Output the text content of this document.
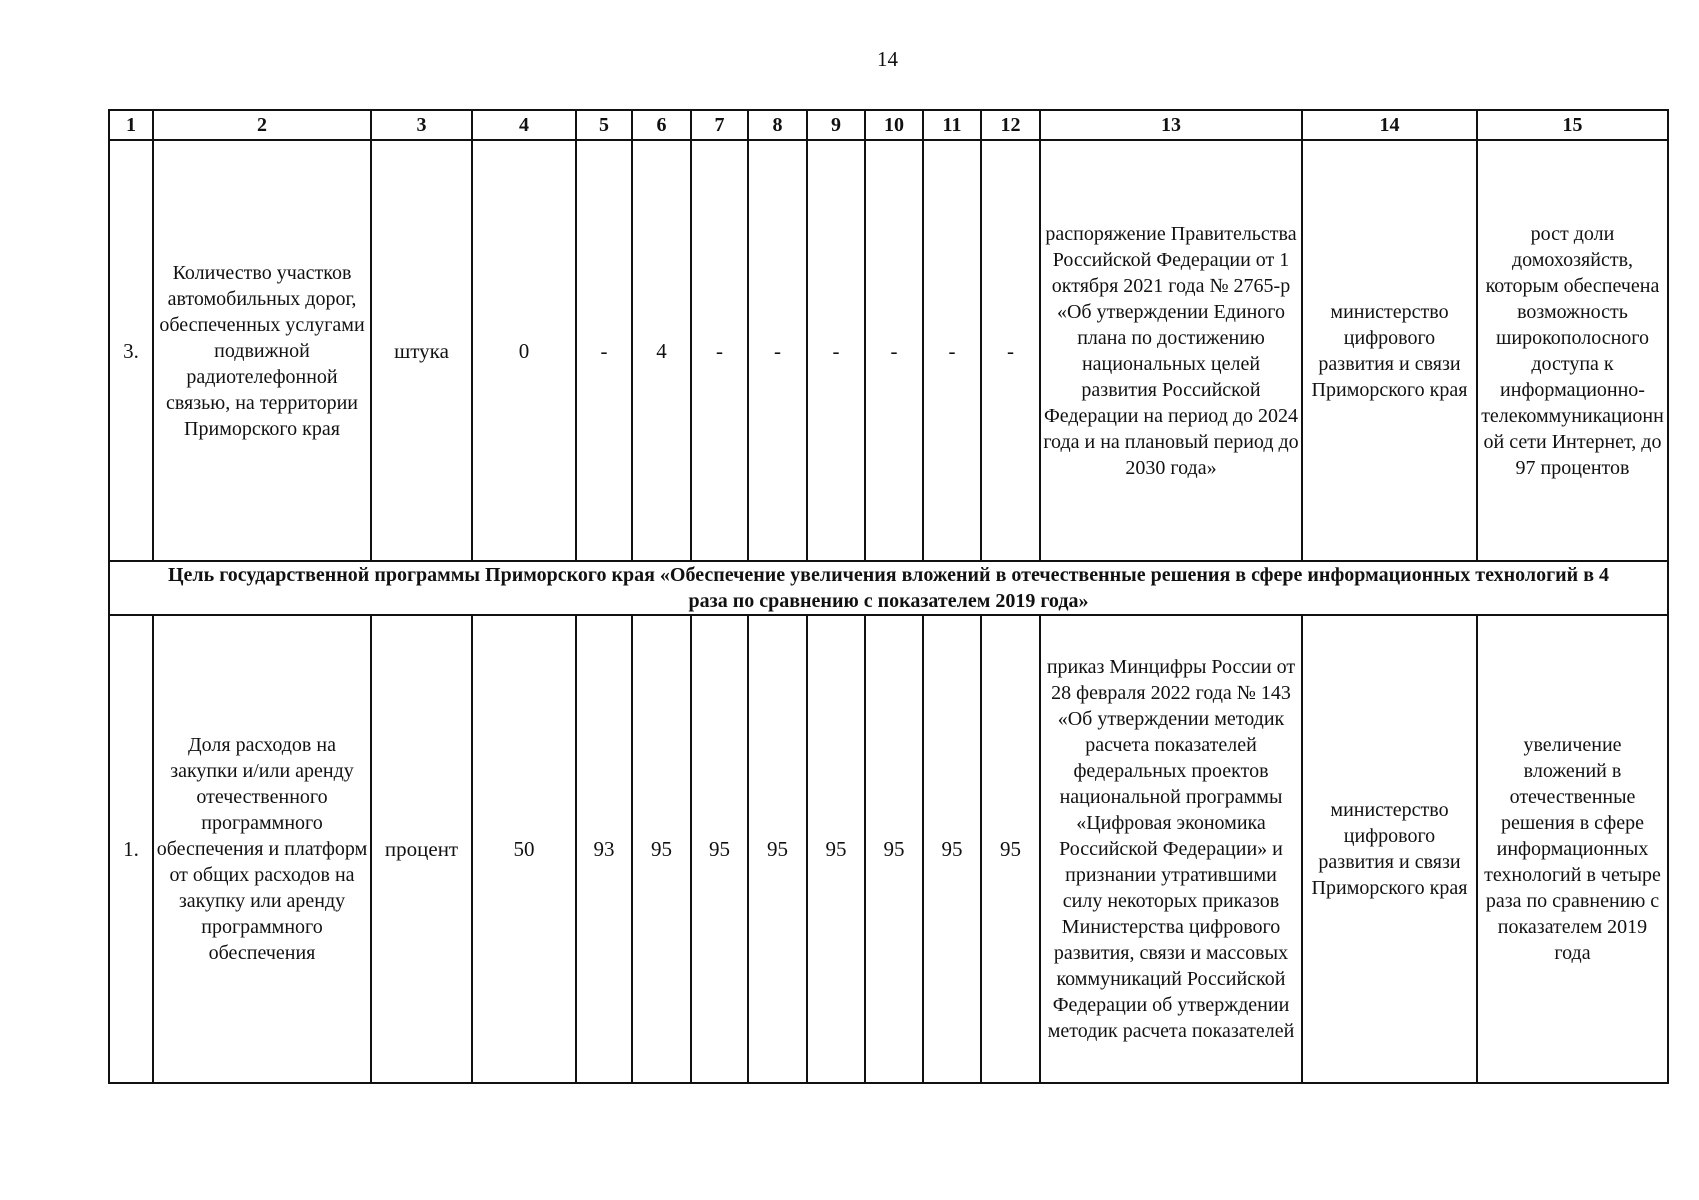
14
1	2	3	4	5	6	7	8	9	10	11	12	13	14	15
3.	Количество участков автомобильных дорог, обеспеченных услугами подвижной радиотелефонной связью, на территории Приморского края	штука	0	-	4	-	-	-	-	-	-	распоряжение Правительства Российской Федерации от 1 октября 2021 года № 2765-р «Об утверждении Единого плана по достижению национальных целей развития Российской Федерации на период до 2024 года и на плановый период до 2030 года»	министерство цифрового развития и связи Приморского края	рост доли домохозяйств, которым обеспечена возможность широкополосного доступа к информационно-телекоммуникационной сети Интернет, до 97 процентов
Цель государственной программы Приморского края «Обеспечение увеличения вложений в отечественные решения в сфере информационных технологий в 4 раза по сравнению с показателем 2019 года»														
1.	Доля расходов на закупки и/или аренду отечественного программного обеспечения и платформ от общих расходов на закупку или аренду программного обеспечения	процент	50	93	95	95	95	95	95	95	95	приказ Минцифры России от 28 февраля 2022 года № 143 «Об утверждении методик расчета показателей федеральных проектов национальной программы «Цифровая экономика Российской Федерации» и признании утратившими силу некоторых приказов Министерства цифрового развития, связи и массовых коммуникаций Российской Федерации об утверждении методик расчета показателей	министерство цифрового развития и связи Приморского края	увеличение вложений в отечественные решения в сфере информационных технологий в четыре раза по сравнению с показателем 2019 года
